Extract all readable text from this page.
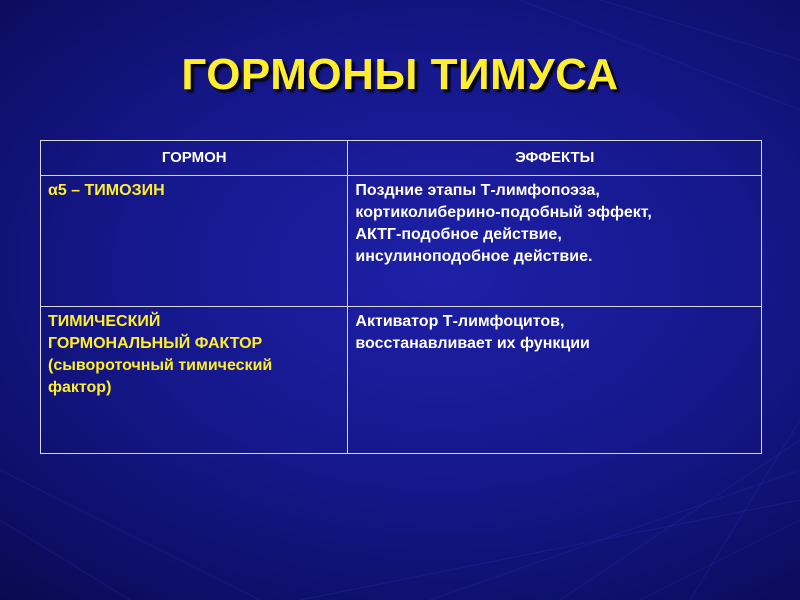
ГОРМОНЫ ТИМУСА
ГОРМОН	ЭФФЕКТЫ

α5 – ТИМОЗИН	Поздние этапы Т-лимфопоэза,
кортиколиберино-подобный эффект,
АКТГ-подобное действие,
инсулиноподобное действие.

ТИМИЧЕСКИЙ
ГОРМОНАЛЬНЫЙ ФАКТОР
(сывороточный тимический
фактор)	Активатор Т-лимфоцитов,
восстанавливает их функции
